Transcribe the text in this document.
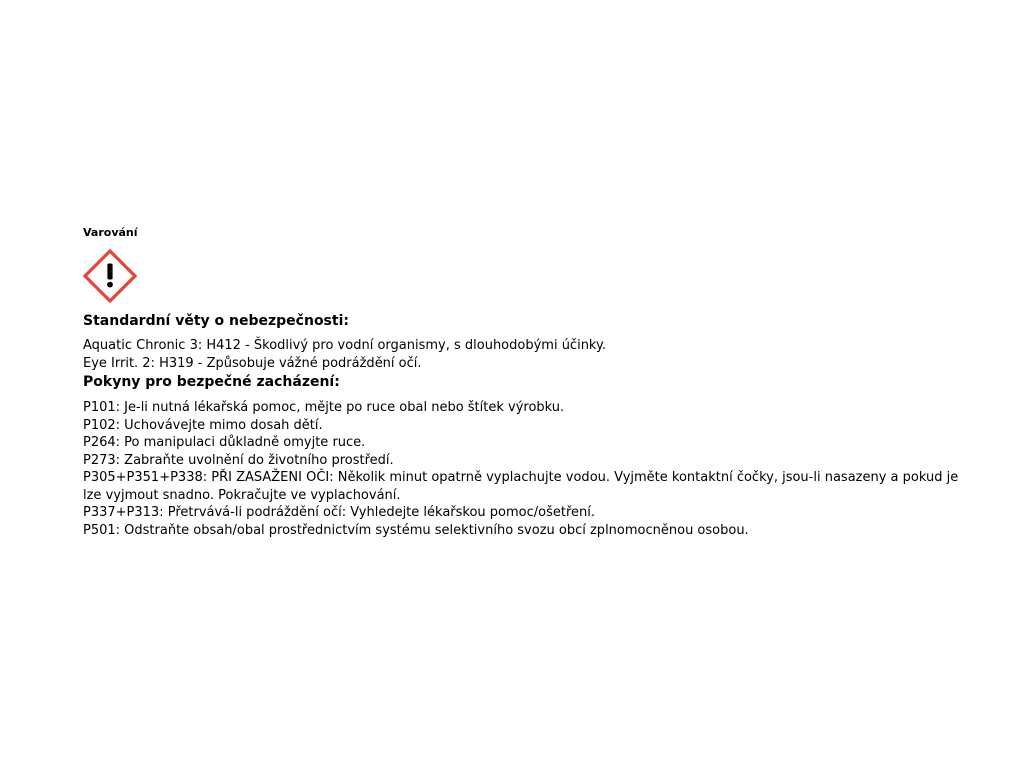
Varování

Standardní věty o nebezpečnosti:

Aquatic Chronic 3: H412 - Škodlivý pro vodní organismy, s dlouhodobými účinky.
Eye Irrit. 2: H319 - Způsobuje vážné podráždění očí.

Pokyny pro bezpečné zacházení:

P101: Je-li nutná lékařská pomoc, mějte po ruce obal nebo štítek výrobku.
P102: Uchovávejte mimo dosah dětí.
P264: Po manipulaci důkladně omyjte ruce.
P273: Zabraňte uvolnění do životního prostředí.
P305+P351+P338: PŘI ZASAŽENI OČI: Několik minut opatrně vyplachujte vodou. Vyjměte kontaktní čočky, jsou-li nasazeny a pokud je lze vyjmout snadno. Pokračujte ve vyplachování.
P337+P313: Přetrvává-li podráždění očí: Vyhledejte lékařskou pomoc/ošetření.
P501: Odstraňte obsah/obal prostřednictvím systému selektivního svozu obcí zplnomocněnou osobou.
